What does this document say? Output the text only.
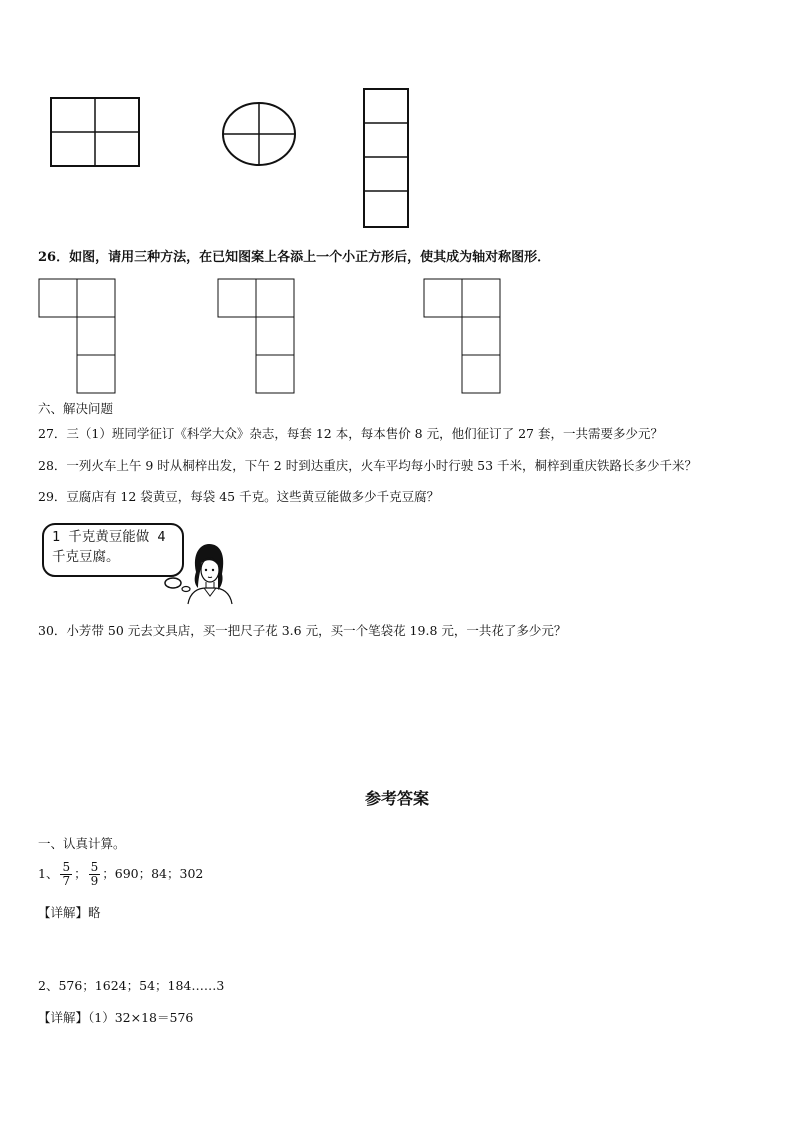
26．如图，请用三种方法，在已知图案上各添上一个小正方形后，使其成为轴对称图形．
六、解决问题
27．三（1）班同学征订《科学大众》杂志，每套 12 本，每本售价 8 元，他们征订了 27 套，一共需要多少元？
28．一列火车上午 9 时从桐梓出发，下午 2 时到达重庆，火车平均每小时行驶 53 千米，桐梓到重庆铁路长多少千米？
29．豆腐店有 12 袋黄豆，每袋 45 千克。这些黄豆能做多少千克豆腐？
1 千克黄豆能做 4
千克豆腐。
30．小芳带 50 元去文具店，买一把尺子花 3.6 元，买一个笔袋花 19.8 元，一共花了多少元？
参考答案
一、认真计算。
1、 $\frac{5}{7}$ ； $\frac{5}{9}$ ；690；84；302
【详解】略
2、576；1624；54；184……3
【详解】（1）32×18＝576
